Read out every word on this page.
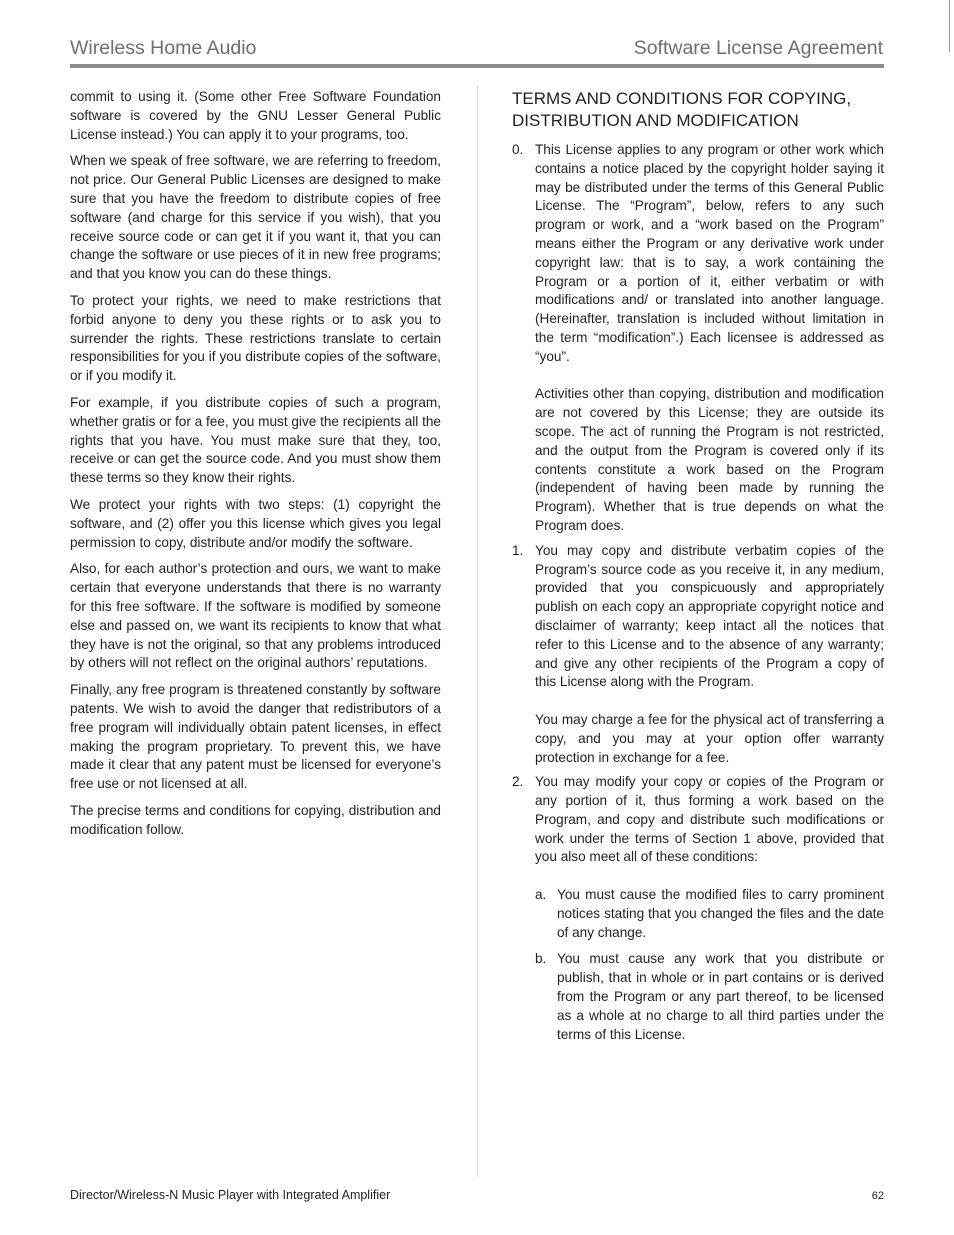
Wireless Home Audio	Software License Agreement

commit to using it. (Some other Free Software Foundation software is covered by the GNU Lesser General Public License instead.) You can apply it to your programs, too.

When we speak of free software, we are referring to freedom, not price. Our General Public Licenses are designed to make sure that you have the freedom to distribute copies of free software (and charge for this service if you wish), that you receive source code or can get it if you want it, that you can change the software or use pieces of it in new free programs; and that you know you can do these things.

To protect your rights, we need to make restrictions that forbid anyone to deny you these rights or to ask you to surrender the rights. These restrictions translate to certain responsibilities for you if you distribute copies of the software, or if you modify it.

For example, if you distribute copies of such a program, whether gratis or for a fee, you must give the recipients all the rights that you have. You must make sure that they, too, receive or can get the source code. And you must show them these terms so they know their rights.

We protect your rights with two steps: (1) copyright the software, and (2) offer you this license which gives you legal permission to copy, distribute and/or modify the software.

Also, for each author’s protection and ours, we want to make certain that everyone understands that there is no warranty for this free software. If the software is modified by someone else and passed on, we want its recipients to know that what they have is not the original, so that any problems introduced by others will not reflect on the original authors’ reputations.

Finally, any free program is threatened constantly by software patents. We wish to avoid the danger that redistributors of a free program will individually obtain patent licenses, in effect making the program proprietary. To prevent this, we have made it clear that any patent must be licensed for everyone’s free use or not licensed at all.

The precise terms and conditions for copying, distribution and modification follow.

TERMS AND CONDITIONS FOR COPYING, DISTRIBUTION AND MODIFICATION
0. This License applies to any program or other work which contains a notice placed by the copyright holder saying it may be distributed under the terms of this General Public License. The “Program”, below, refers to any such program or work, and a “work based on the Program” means either the Program or any derivative work under copyright law: that is to say, a work containing the Program or a portion of it, either verbatim or with modifications and/ or translated into another language. (Hereinafter, translation is included without limitation in the term “modification”.) Each licensee is addressed as “you”.

Activities other than copying, distribution and modification are not covered by this License; they are outside its scope. The act of running the Program is not restricted, and the output from the Program is covered only if its contents constitute a work based on the Program (independent of having been made by running the Program). Whether that is true depends on what the Program does.

1. You may copy and distribute verbatim copies of the Program’s source code as you receive it, in any medium, provided that you conspicuously and appropriately publish on each copy an appropriate copyright notice and disclaimer of warranty; keep intact all the notices that refer to this License and to the absence of any warranty; and give any other recipients of the Program a copy of this License along with the Program.

You may charge a fee for the physical act of transferring a copy, and you may at your option offer warranty protection in exchange for a fee.

2. You may modify your copy or copies of the Program or any portion of it, thus forming a work based on the Program, and copy and distribute such modifications or work under the terms of Section 1 above, provided that you also meet all of these conditions:

a. You must cause the modified files to carry prominent notices stating that you changed the files and the date of any change.
b. You must cause any work that you distribute or publish, that in whole or in part contains or is derived from the Program or any part thereof, to be licensed as a whole at no charge to all third parties under the terms of this License.
Director/Wireless-N Music Player with Integrated Amplifier	62
